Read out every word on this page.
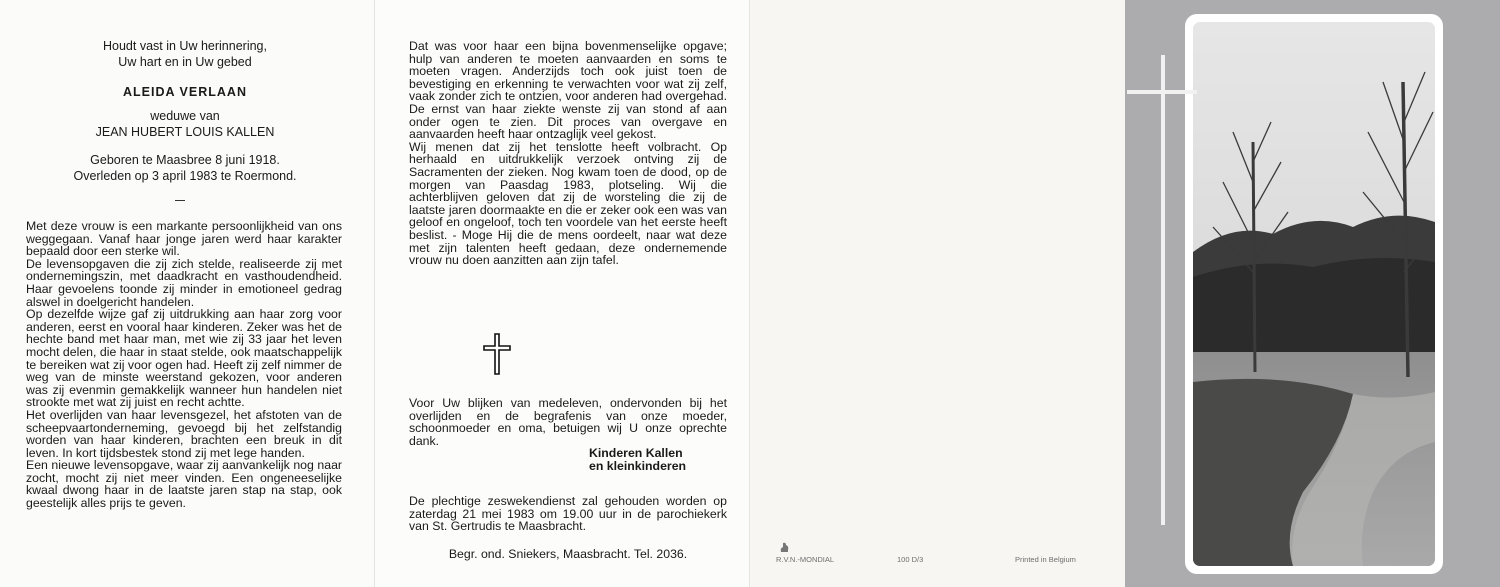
Houdt vast in Uw herinnering,
Uw hart en in Uw gebed
ALEIDA VERLAAN
weduwe van
JEAN HUBERT LOUIS KALLEN
Geboren te Maasbree 8 juni 1918.
Overleden op 3 april 1983 te Roermond.

Met deze vrouw is een markante persoonlijkheid van ons weggegaan. Vanaf haar jonge jaren werd haar karakter bepaald door een sterke wil.

De levensopgaven die zij zich stelde, realiseerde zij met ondernemingszin, met daadkracht en vasthoudendheid. Haar gevoelens toonde zij minder in emotioneel gedrag alswel in doelgericht handelen.

Op dezelfde wijze gaf zij uitdrukking aan haar zorg voor anderen, eerst en vooral haar kinderen. Zeker was het de hechte band met haar man, met wie zij 33 jaar het leven mocht delen, die haar in staat stelde, ook maatschappelijk te bereiken wat zij voor ogen had. Heeft zij zelf nimmer de weg van de minste weerstand gekozen, voor anderen was zij evenmin gemakkelijk wanneer hun handelen niet strookte met wat zij juist en recht achtte.

Het overlijden van haar levensgezel, het afstoten van de scheepvaartonderneming, gevoegd bij het zelfstandig worden van haar kinderen, brachten een breuk in dit leven. In kort tijdsbestek stond zij met lege handen.

Een nieuwe levensopgave, waar zij aanvankelijk nog naar zocht, mocht zij niet meer vinden. Een ongeneeselijke kwaal dwong haar in de laatste jaren stap na stap, ook geestelijk alles prijs te geven.

Dat was voor haar een bijna bovenmenselijke opgave; hulp van anderen te moeten aanvaarden en soms te moeten vragen. Anderzijds toch ook juist toen de bevestiging en erkenning te verwachten voor wat zij zelf, vaak zonder zich te ontzien, voor anderen had overgehad. De ernst van haar ziekte wenste zij van stond af aan onder ogen te zien. Dit proces van overgave en aanvaarden heeft haar ontzaglijk veel gekost.

Wij menen dat zij het tenslotte heeft volbracht. Op herhaald en uitdrukkelijk verzoek ontving zij de Sacramenten der zieken. Nog kwam toen de dood, op de morgen van Paasdag 1983, plotseling. Wij die achterblijven geloven dat zij de worsteling die zij de laatste jaren doormaakte en die er zeker ook een was van geloof en ongeloof, toch ten voordele van het eerste heeft beslist. - Moge Hij die de mens oordeelt, naar wat deze met zijn talenten heeft gedaan, deze ondernemende vrouw nu doen aanzitten aan zijn tafel.

Voor Uw blijken van medeleven, ondervonden bij het overlijden en de begrafenis van onze moeder, schoonmoeder en oma, betuigen wij U onze oprechte dank.
Kinderen Kallen
en kleinkinderen
De plechtige zeswekendienst zal gehouden worden op zaterdag 21 mei 1983 om 19.00 uur in de parochiekerk van St. Gertrudis te Maasbracht.
Begr. ond. Sniekers, Maasbracht. Tel. 2036.	R.V.N.-MONDIAL	100 D/3	Printed in Belgium
